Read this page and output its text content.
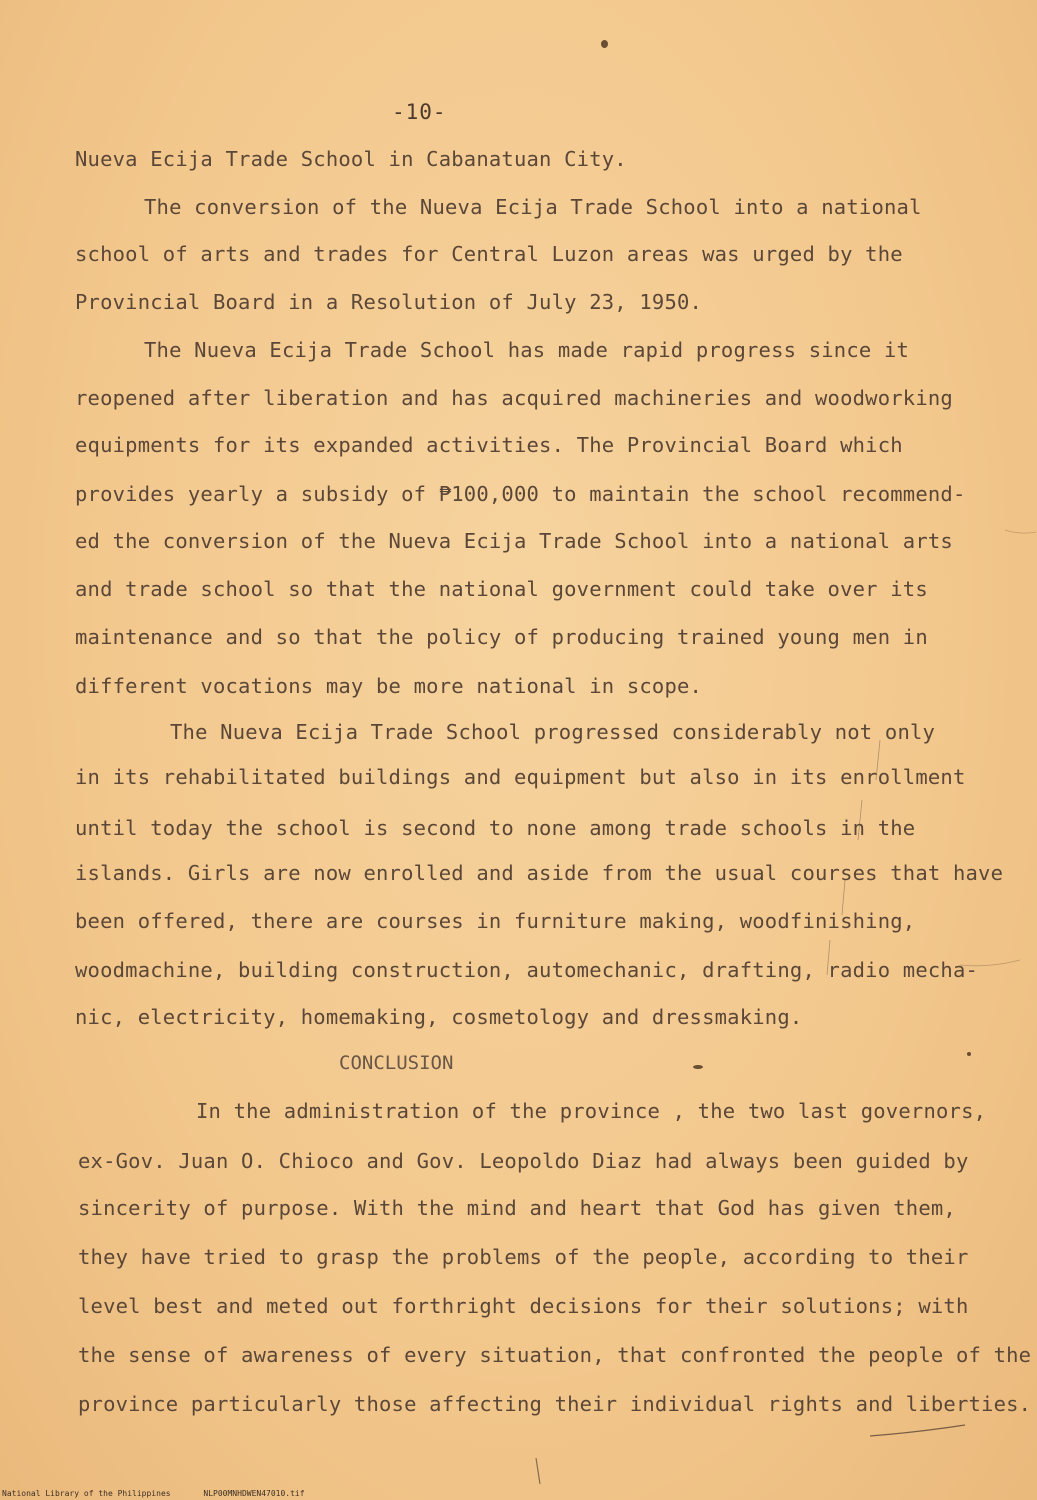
-10-
Nueva Ecija Trade School in Cabanatuan City.
The conversion of the Nueva Ecija Trade School into a national
school of arts and trades for Central Luzon areas was urged by the
Provincial Board in a Resolution of July 23, 1950.
The Nueva Ecija Trade School has made rapid progress since it
reopened after liberation and has acquired machineries and woodworking
equipments for its expanded activities. The Provincial Board which
provides yearly a subsidy of ₱100,000 to maintain the school recommend-
ed the conversion of the Nueva Ecija Trade School into a national arts
and trade school so that the national government could take over its
maintenance and so that the policy of producing trained young men in
different vocations may be more national in scope.
The Nueva Ecija Trade School progressed considerably not only
in its rehabilitated buildings and equipment but also in its enrollment
until today the school is second to none among trade schools in the
islands. Girls are now enrolled and aside from the usual courses that have
been offered, there are courses in furniture making, woodfinishing,
woodmachine, building construction, automechanic, drafting, radio mecha-
nic, electricity, homemaking, cosmetology and dressmaking.
CONCLUSION
In the administration of the province , the two last governors,
ex-Gov. Juan O. Chioco and Gov. Leopoldo Diaz had always been guided by
sincerity of purpose. With the mind and heart that God has given them,
they have tried to grasp the problems of the people, according to their
level best and meted out forthright decisions for their solutions; with
the sense of awareness of every situation, that confronted the people of the
province particularly those affecting their individual rights and liberties.
National Library of the Philippines	NLP00MNHDWEN47010.tif
